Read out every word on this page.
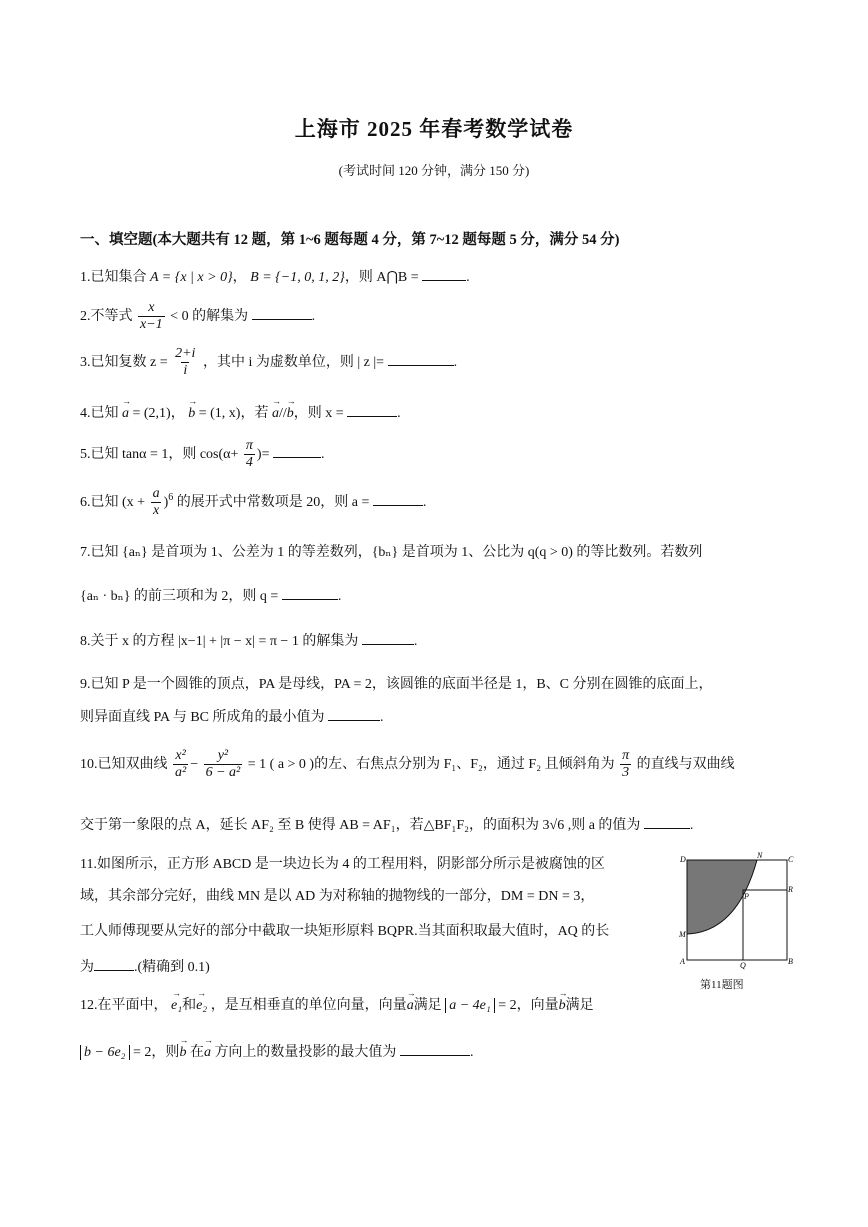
上海市 2025 年春考数学试卷
(考试时间 120 分钟，满分 150 分)
一、填空题(本大题共有 12 题，第 1~6 题每题 4 分，第 7~12 题每题 5 分，满分 54 分)
1.已知集合 A = {x | x > 0}， B = {−1, 0, 1, 2}，则 A⋂B =	.
2.不等式 $\frac{x}{x-1} < 0$ 的解集为	.
3.已知复数 $z = \frac{2+i}{i}$ ，其中 i 为虚数单位，则 | z |=	.
4.已知 → a = (2,1)， → b = (1, x)，若 → a//→ b，则 x =	.
5.已知 tanα = 1，则 $\cos(\alpha+ \frac{\pi}{4}$ )=	.
6.已知 $(x + \frac{a}{x} )^6$ 的展开式中常数项是 20，则 a =	.
7.已知 {aₙ} 是首项为 1、公差为 1 的等差数列，{bₙ} 是首项为 1、公比为 q(q > 0) 的等比数列。若数列
{aₙ · bₙ} 的前三项和为 2，则 q =	.
8.关于 x 的方程 |x−1| + |π − x| = π − 1 的解集为	.
9.已知 P 是一个圆锥的顶点，PA 是母线，PA = 2，该圆锥的底面半径是 1，B、C 分别在圆锥的底面上，
则异面直线 PA 与 BC 所成角的最小值为	.
10.已知双曲线 $\frac{\text{x²}}{\text{a²}} - \frac{\text{y²}}{\text{6 − a²}} = 1$ ( a > 0 )的左、右焦点分别为 F₁、F₂，通过 F₂ 且倾斜角为 $\frac{\pi}{3}$ 的直线与双曲线
交于第一象限的点 A，延长 AF₂ 至 B 使得 AB = AF₁，若△BF₁F₂，的面积为 3√6 ,则 a 的值为	.
11.如图所示，正方形 ABCD 是一块边长为 4 的工程用料，阴影部分所示是被腐蚀的区
域，其余部分完好，曲线 MN 是以 AD 为对称轴的抛物线的一部分，DM = DN = 3，
工人师傅现要从完好的部分中截取一块矩形原料 BQPR.当其面积取最大值时，AQ 的长
为	.(精确到 0.1)
D	N	C
R
P
M
A	Q	B
第11题图
12.在平面中， → e₁和→ e₂ ，是互相垂直的单位向量，向量→ a满足 a − 4e₁ = 2，向量→ b满足
b − 6e₂ = 2，则→ b 在→ a 方向上的数量投影的最大值为	.
